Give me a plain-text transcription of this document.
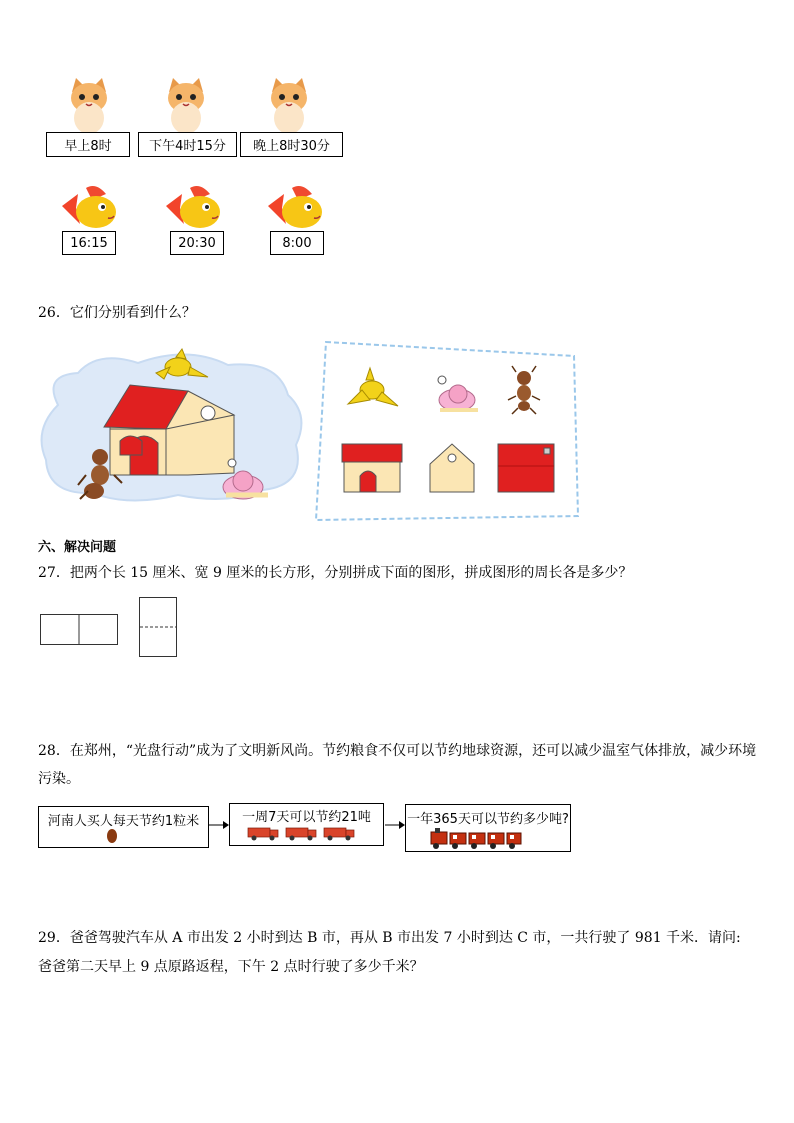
早上8时	下午4时15分	晚上8时30分
16:15	20:30	8:00
26．它们分别看到什么？
六、解决问题
27．把两个长 15 厘米、宽 9 厘米的长方形，分别拼成下面的图形，拼成图形的周长各是多少？
28．在郑州，“光盘行动”成为了文明新风尚。节约粮食不仅可以节约地球资源，还可以减少温室气体排放，减少环境
污染。
河南人买人每天节约1粒米	一周7天可以节约21吨	一年365天可以节约多少吨?
29．爸爸驾驶汽车从 A 市出发 2 小时到达 B 市，再从 B 市出发 7 小时到达 C 市，一共行驶了 981 千米．请问:
爸爸第二天早上 9 点原路返程，下午 2 点时行驶了多少千米？
